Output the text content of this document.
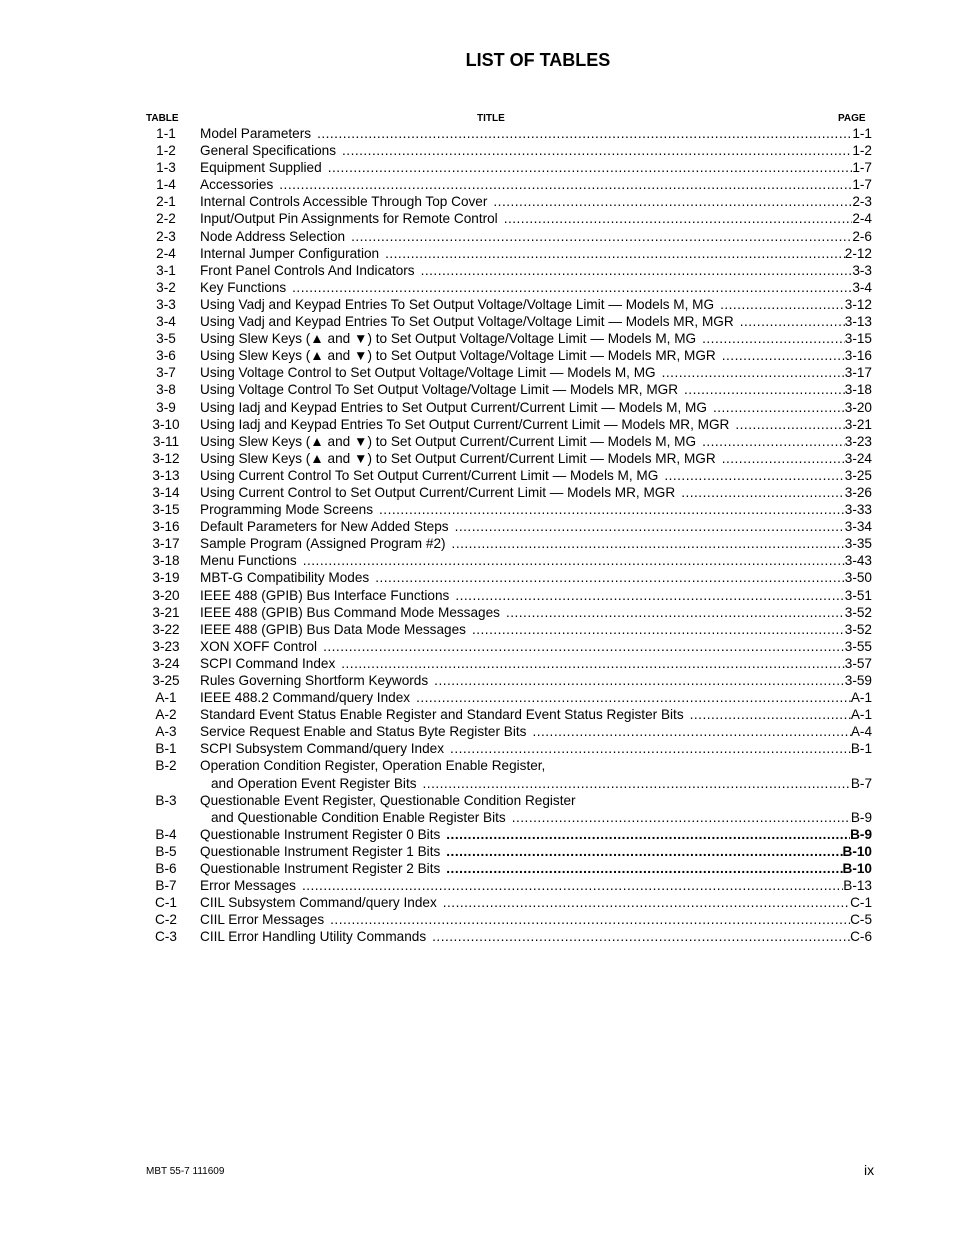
LIST OF TABLES
TABLE	TITLE	PAGE
1-1	Model Parameters .....	1-1
1-2	General Specifications .....	1-2
1-3	Equipment Supplied .....	1-7
1-4	Accessories .....	1-7
2-1	Internal Controls Accessible Through Top Cover .....	2-3
2-2	Input/Output Pin Assignments for Remote Control .....	2-4
2-3	Node Address Selection .....	2-6
2-4	Internal Jumper Configuration .....	2-12
3-1	Front Panel Controls And Indicators .....	3-3
3-2	Key Functions .....	3-4
3-3	Using Vadj and Keypad Entries To Set Output Voltage/Voltage Limit — Models M, MG .....	3-12
3-4	Using Vadj and Keypad Entries To Set Output Voltage/Voltage Limit — Models MR, MGR .....	3-13
3-5	Using Slew Keys (▲ and ▼) to Set Output Voltage/Voltage Limit — Models M, MG .....	3-15
3-6	Using Slew Keys (▲ and ▼) to Set Output Voltage/Voltage Limit — Models MR, MGR .....	3-16
3-7	Using Voltage Control to Set Output Voltage/Voltage Limit — Models M, MG .....	3-17
3-8	Using Voltage Control To Set Output Voltage/Voltage Limit — Models MR, MGR .....	3-18
3-9	Using Iadj and Keypad Entries to Set Output Current/Current Limit — Models M, MG .....	3-20
3-10	Using Iadj and Keypad Entries To Set Output Current/Current Limit — Models MR, MGR .....	3-21
3-11	Using Slew Keys (▲ and ▼) to Set Output Current/Current Limit — Models M, MG .....	3-23
3-12	Using Slew Keys (▲ and ▼) to Set Output Current/Current Limit — Models MR, MGR .....	3-24
3-13	Using Current Control To Set Output Current/Current Limit — Models M, MG .....	3-25
3-14	Using Current Control to Set Output Current/Current Limit — Models MR, MGR .....	3-26
3-15	Programming Mode Screens .....	3-33
3-16	Default Parameters for New Added Steps .....	3-34
3-17	Sample Program (Assigned Program #2) .....	3-35
3-18	Menu Functions .....	3-43
3-19	MBT-G Compatibility Modes .....	3-50
3-20	IEEE 488 (GPIB) Bus Interface Functions .....	3-51
3-21	IEEE 488 (GPIB) Bus Command Mode Messages .....	3-52
3-22	IEEE 488 (GPIB) Bus Data Mode Messages .....	3-52
3-23	XON XOFF Control .....	3-55
3-24	SCPI Command Index .....	3-57
3-25	Rules Governing Shortform Keywords .....	3-59
A-1	IEEE 488.2 Command/query Index .....	A-1
A-2	Standard Event Status Enable Register and Standard Event Status Register Bits .....	A-1
A-3	Service Request Enable and Status Byte Register Bits .....	A-4
B-1	SCPI Subsystem Command/query Index .....	B-1
B-2	Operation Condition Register, Operation Enable Register,
and Operation Event Register Bits .....	B-7
B-3	Questionable Event Register, Questionable Condition Register
and Questionable Condition Enable Register Bits .....	B-9
B-4	Questionable Instrument Register 0 Bits .....	B-9
B-5	Questionable Instrument Register 1 Bits .....	B-10
B-6	Questionable Instrument Register 2 Bits .....	B-10
B-7	Error Messages .....	B-13
C-1	CIIL Subsystem Command/query Index .....	C-1
C-2	CIIL Error Messages .....	C-5
C-3	CIIL Error Handling Utility Commands .....	C-6
MBT 55-7 111609	ix
